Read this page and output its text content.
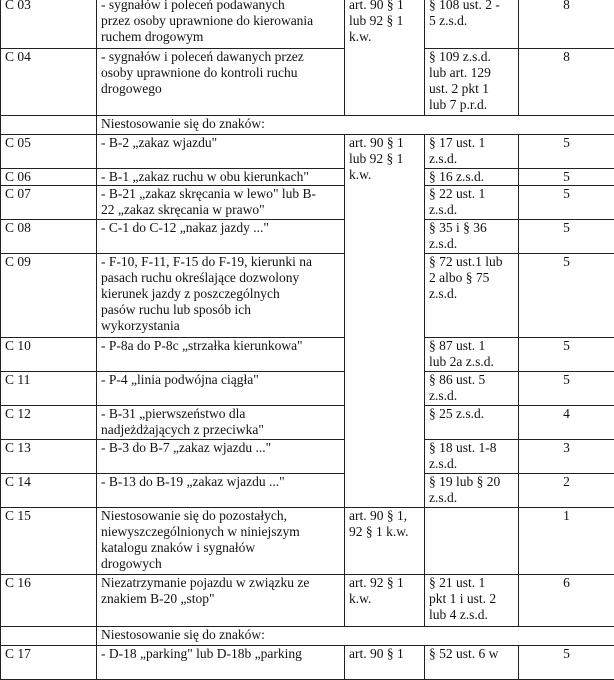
C 03	- sygnałów i poleceń podawanych
przez osoby uprawnione do kierowania
ruchem drogowym	art. 90 § 1
lub 92 § 1
k.w.	§ 108 ust. 2 -
5 z.s.d.	8
C 04	- sygnałów i poleceń dawanych przez
osoby uprawnione do kontroli ruchu
drogowego		§ 109 z.s.d.
lub art. 129
ust. 2 pkt 1
lub 7 p.r.d.	8
	Niestosowanie się do znaków:			
C 05	- B-2 „zakaz wjazdu"	art. 90 § 1
lub 92 § 1
k.w.	§ 17 ust. 1
z.s.d.	5
C 06	- B-1 „zakaz ruchu w obu kierunkach"		§ 16 z.s.d.	5
C 07	- B-21 „zakaz skręcania w lewo" lub B-
22 „zakaz skręcania w prawo"		§ 22 ust. 1
z.s.d.	5
C 08	- C-1 do C-12 „nakaz jazdy ..."		§ 35 i § 36
z.s.d.	5
C 09	- F-10, F-11, F-15 do F-19, kierunki na
pasach ruchu określające dozwolony
kierunek jazdy z poszczególnych
pasów ruchu lub sposób ich
wykorzystania		§ 72 ust.1 lub
2 albo § 75
z.s.d.	5
C 10	- P-8a do P-8c „strzałka kierunkowa"		§ 87 ust. 1
lub 2a z.s.d.	5
C 11	- P-4 „linia podwójna ciągła"		§ 86 ust. 5
z.s.d.	5
C 12	- B-31 „pierwszeństwo dla
nadjeżdżających z przeciwka"		§ 25 z.s.d.	4
C 13	- B-3 do B-7 „zakaz wjazdu ..."		§ 18 ust. 1-8
z.s.d.	3
C 14	- B-13 do B-19 „zakaz wjazdu ..."		§ 19 lub § 20
z.s.d.	2
C 15	Niestosowanie się do pozostałych,
niewyszczególnionych w niniejszym
katalogu znaków i sygnałów
drogowych	art. 90 § 1,
92 § 1 k.w.		1
C 16	Niezatrzymanie pojazdu w związku ze
znakiem B-20 „stop"	art. 92 § 1
k.w.	§ 21 ust. 1
pkt 1 i ust. 2
lub 4 z.s.d.	6
	Niestosowanie się do znaków:			
C 17	- D-18 „parking" lub D-18b „parking	art. 90 § 1	§ 52 ust. 6 w	5
